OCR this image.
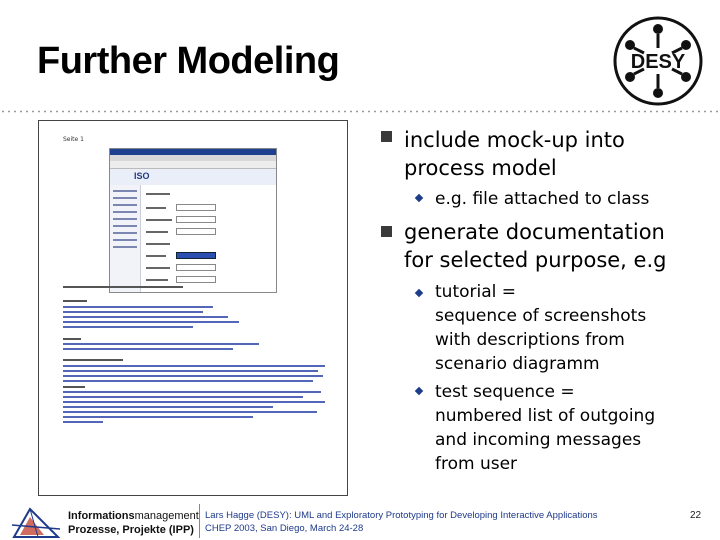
Further Modeling	DESY
Seite 1
ISO
include mock-up into
process model
e.g. file attached to class
generate documentation
for selected purpose, e.g
tutorial =
sequence of screenshots
with descriptions from
scenario diagramm
test sequence =
numbered list of outgoing
and incoming messages
from user
Informationsmanagement
Prozesse, Projekte (IPP)
Lars Hagge (DESY): UML and Exploratory Prototyping for Developing Interactive Applications
CHEP 2003, San Diego, March 24-28
22
